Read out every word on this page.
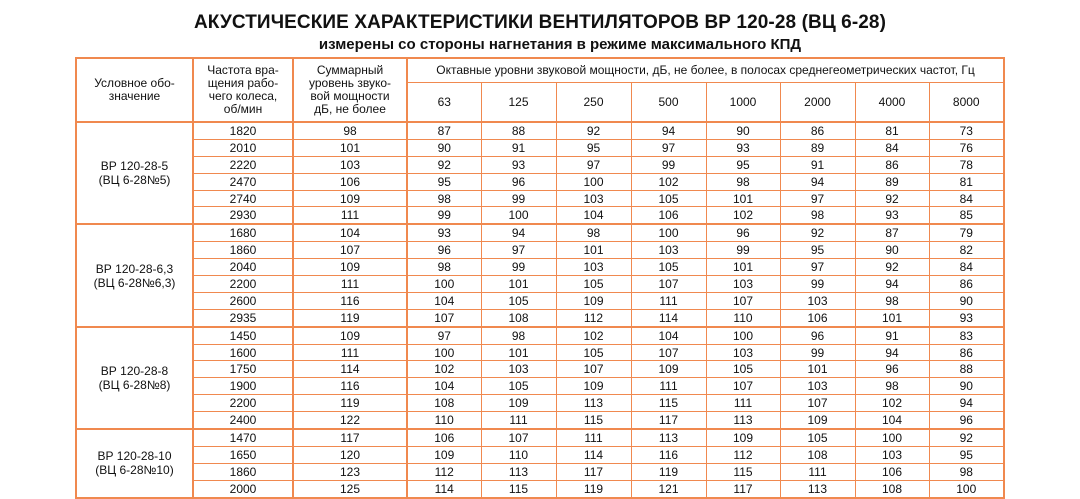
АКУСТИЧЕСКИЕ ХАРАКТЕРИСТИКИ ВЕНТИЛЯТОРОВ ВР 120-28 (ВЦ 6-28)
измерены со стороны нагнетания в режиме максимального КПД
Условное обо-
значение

Частота вра-
щения рабо-
чего колеса,
об/мин

Суммарный
уровень звуко-
вой мощности
дБ, не более
	Октавные уровни звуковой мощности, дБ, не более, в полосах среднегеометрических частот, Гц
			63	125	250	500	1000	2000	4000	8000

ВР 120-28-5
(ВЦ 6-28№5)	1820	98	87	88	92	94	90	86	81	73
	2010	101	90	91	95	97	93	89	84	76
	2220	103	92	93	97	99	95	91	86	78
	2470	106	95	96	100	102	98	94	89	81
	2740	109	98	99	103	105	101	97	92	84
	2930	111	99	100	104	106	102	98	93	85

ВР 120-28-6,3
(ВЦ 6-28№6,3)	1680	104	93	94	98	100	96	92	87	79
	1860	107	96	97	101	103	99	95	90	82
	2040	109	98	99	103	105	101	97	92	84
	2200	111	100	101	105	107	103	99	94	86
	2600	116	104	105	109	111	107	103	98	90
	2935	119	107	108	112	114	110	106	101	93

ВР 120-28-8
(ВЦ 6-28№8)	1450	109	97	98	102	104	100	96	91	83
	1600	111	100	101	105	107	103	99	94	86
	1750	114	102	103	107	109	105	101	96	88
	1900	116	104	105	109	111	107	103	98	90
	2200	119	108	109	113	115	111	107	102	94
	2400	122	110	111	115	117	113	109	104	96

ВР 120-28-10
(ВЦ 6-28№10)	1470	117	106	107	111	113	109	105	100	92
	1650	120	109	110	114	116	112	108	103	95
	1860	123	112	113	117	119	115	111	106	98
	2000	125	114	115	119	121	117	113	108	100
